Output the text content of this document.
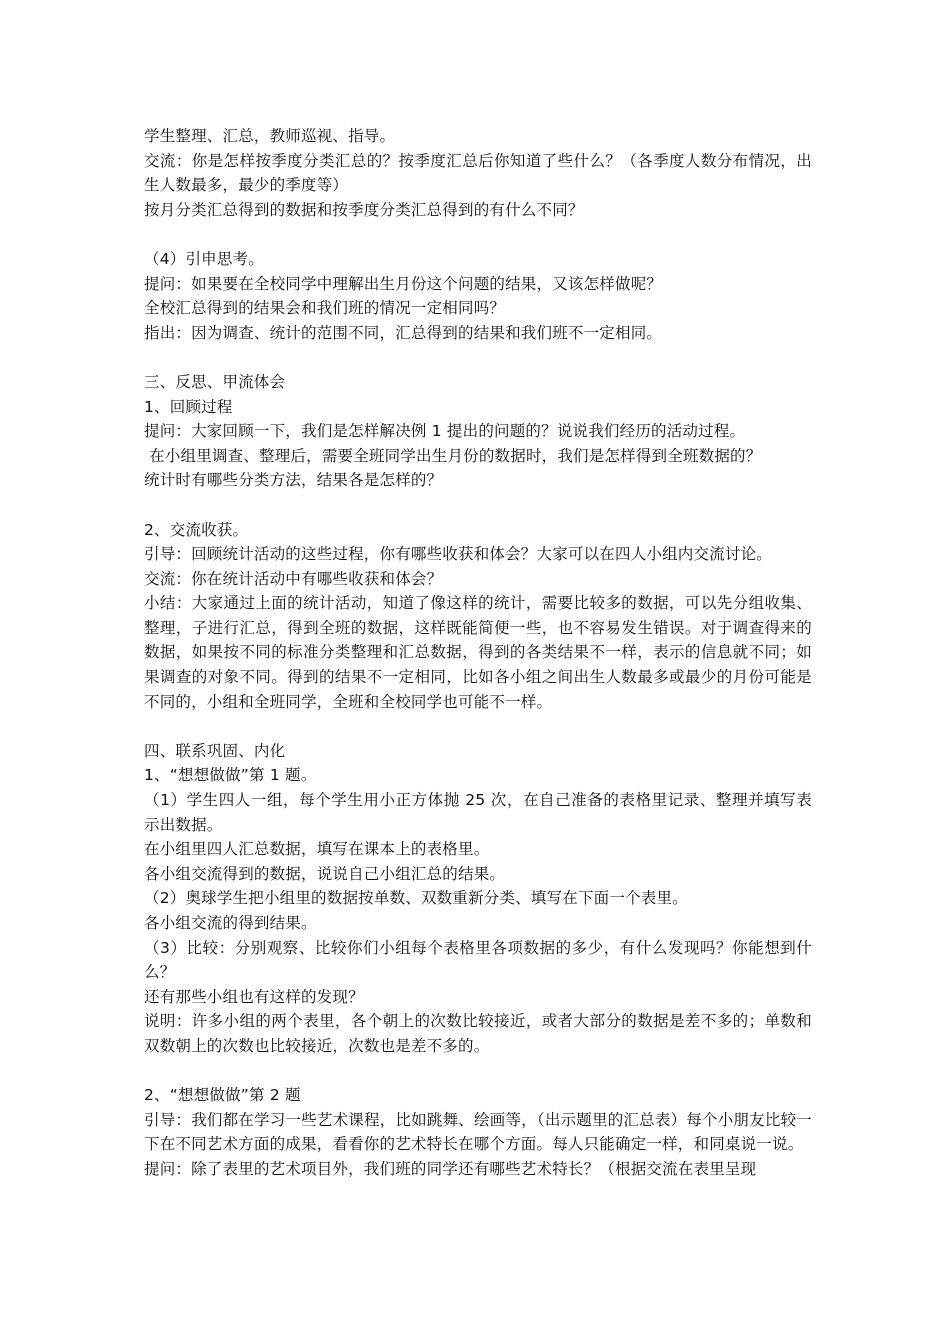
学生整理、汇总，教师巡视、指导。
交流：你是怎样按季度分类汇总的？按季度汇总后你知道了些什么？（各季度人数分布情况，出生人数最多，最少的季度等）
按月分类汇总得到的数据和按季度分类汇总得到的有什么不同？
（4）引申思考。
提问：如果要在全校同学中理解出生月份这个问题的结果，又该怎样做呢？
全校汇总得到的结果会和我们班的情况一定相同吗？
指出：因为调查、统计的范围不同，汇总得到的结果和我们班不一定相同。
三、反思、甲流体会
1、回顾过程
提问：大家回顾一下，我们是怎样解决例 1 提出的问题的？说说我们经历的活动过程。
在小组里调查、整理后，需要全班同学出生月份的数据时，我们是怎样得到全班数据的？
统计时有哪些分类方法，结果各是怎样的？
2、交流收获。
引导：回顾统计活动的这些过程，你有哪些收获和体会？大家可以在四人小组内交流讨论。
交流：你在统计活动中有哪些收获和体会？
小结：大家通过上面的统计活动，知道了像这样的统计，需要比较多的数据，可以先分组收集、整理，子进行汇总，得到全班的数据，这样既能简便一些，也不容易发生错误。对于调查得来的数据，如果按不同的标准分类整理和汇总数据，得到的各类结果不一样，表示的信息就不同；如果调查的对象不同。得到的结果不一定相同，比如各小组之间出生人数最多或最少的月份可能是不同的，小组和全班同学，全班和全校同学也可能不一样。
四、联系巩固、内化
1、“想想做做”第 1 题。
（1）学生四人一组，每个学生用小正方体抛 25 次，在自己准备的表格里记录、整理并填写表示出数据。
在小组里四人汇总数据，填写在课本上的表格里。
各小组交流得到的数据，说说自己小组汇总的结果。
（2）奥球学生把小组里的数据按单数、双数重新分类、填写在下面一个表里。
各小组交流的得到结果。
（3）比较：分别观察、比较你们小组每个表格里各项数据的多少，有什么发现吗？你能想到什么？
还有那些小组也有这样的发现？
说明：许多小组的两个表里，各个朝上的次数比较接近，或者大部分的数据是差不多的；单数和双数朝上的次数也比较接近，次数也是差不多的。
2、“想想做做”第 2 题
引导：我们都在学习一些艺术课程，比如跳舞、绘画等，（出示题里的汇总表）每个小朋友比较一下在不同艺术方面的成果，看看你的艺术特长在哪个方面。每人只能确定一样，和同桌说一说。
提问：除了表里的艺术项目外，我们班的同学还有哪些艺术特长？（根据交流在表里呈现
